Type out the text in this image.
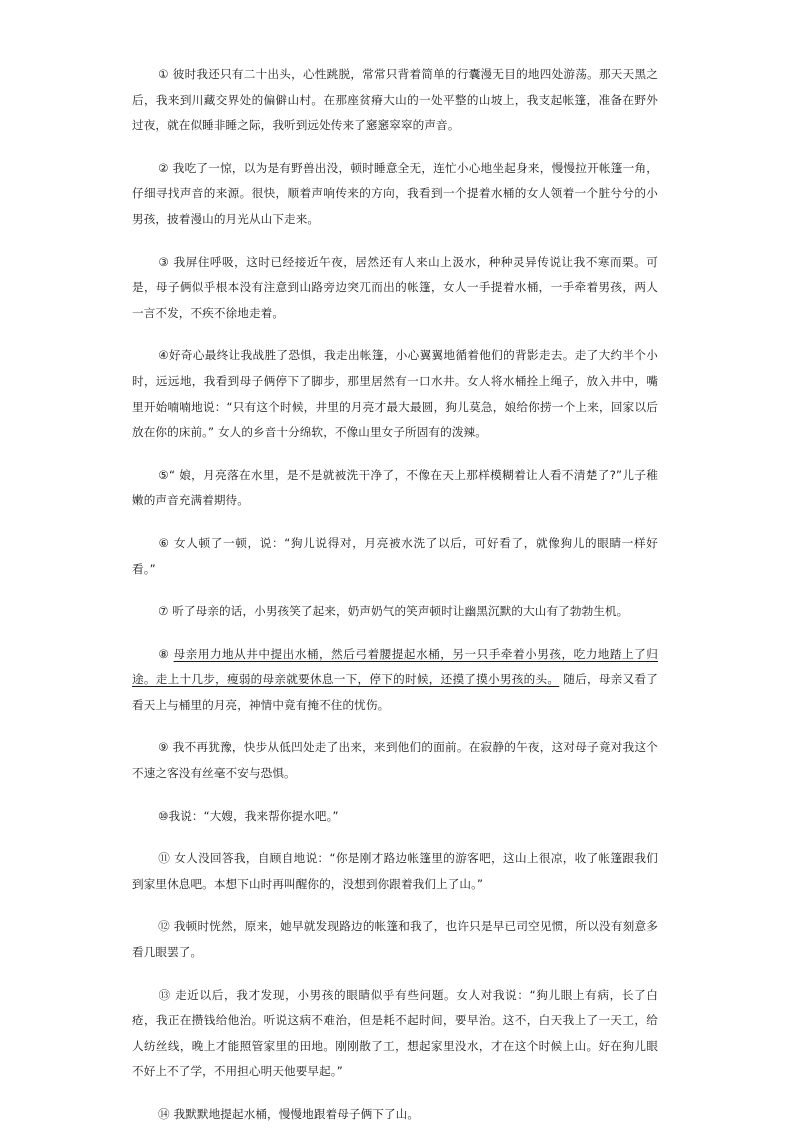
① 彼时我还只有二十出头，心性跳脱，常常只背着简单的行囊漫无目的地四处游荡。那天天黑之后，我来到川藏交界处的偏僻山村。在那座贫瘠大山的一处平整的山坡上，我支起帐篷，准备在野外过夜，就在似睡非睡之际，我听到远处传来了窸窸窣窣的声音。

② 我吃了一惊，以为是有野兽出没，顿时睡意全无，连忙小心地坐起身来，慢慢拉开帐篷一角，仔细寻找声音的来源。很快，顺着声响传来的方向，我看到一个提着水桶的女人领着一个脏兮兮的小男孩，披着漫山的月光从山下走来。

③ 我屏住呼吸，这时已经接近午夜，居然还有人来山上汲水，种种灵异传说让我不寒而栗。可是，母子俩似乎根本没有注意到山路旁边突兀而出的帐篷，女人一手提着水桶，一手牵着男孩，两人一言不发，不疾不徐地走着。

④好奇心最终让我战胜了恐惧，我走出帐篷，小心翼翼地循着他们的背影走去。走了大约半个小时，远远地，我看到母子俩停下了脚步，那里居然有一口水井。女人将水桶拴上绳子，放入井中，嘴里开始喃喃地说：“只有这个时候，井里的月亮才最大最圆，狗儿莫急，娘给你捞一个上来，回家以后放在你的床前。” 女人的乡音十分绵软，不像山里女子所固有的泼辣。

⑤“ 娘，月亮落在水里，是不是就被洗干净了，不像在天上那样模糊着让人看不清楚了?”儿子稚嫩的声音充满着期待。

⑥ 女人顿了一顿，说：“狗儿说得对，月亮被水洗了以后，可好看了，就像狗儿的眼睛一样好看。”

⑦ 听了母亲的话，小男孩笑了起来，奶声奶气的笑声顿时让幽黑沉默的大山有了勃勃生机。

⑧ 母亲用力地从井中提出水桶，然后弓着腰提起水桶，另一只手牵着小男孩，吃力地踏上了归途。走上十几步，瘦弱的母亲就要休息一下，停下的时候，还摸了摸小男孩的头。 随后，母亲又看了看天上与桶里的月亮，神情中竟有掩不住的忧伤。

⑨ 我不再犹豫，快步从低凹处走了出来，来到他们的面前。在寂静的午夜，这对母子竟对我这个不速之客没有丝毫不安与恐惧。

⑩我说：“大嫂，我来帮你提水吧。”

⑪ 女人没回答我，自顾自地说：“你是刚才路边帐篷里的游客吧，这山上很凉，收了帐篷跟我们到家里休息吧。本想下山时再叫醒你的，没想到你跟着我们上了山。”

⑫ 我顿时恍然，原来，她早就发现路边的帐篷和我了，也许只是早已司空见惯，所以没有刻意多看几眼罢了。

⑬ 走近以后，我才发现，小男孩的眼睛似乎有些问题。女人对我说：“狗儿眼上有病，长了白疮，我正在攒钱给他治。听说这病不难治，但是耗不起时间，要早治。这不，白天我上了一天工，给人纺丝线，晚上才能照管家里的田地。刚刚散了工，想起家里没水，才在这个时候上山。好在狗儿眼不好上不了学，不用担心明天他要早起。”

⑭ 我默默地提起水桶，慢慢地跟着母子俩下了山。
